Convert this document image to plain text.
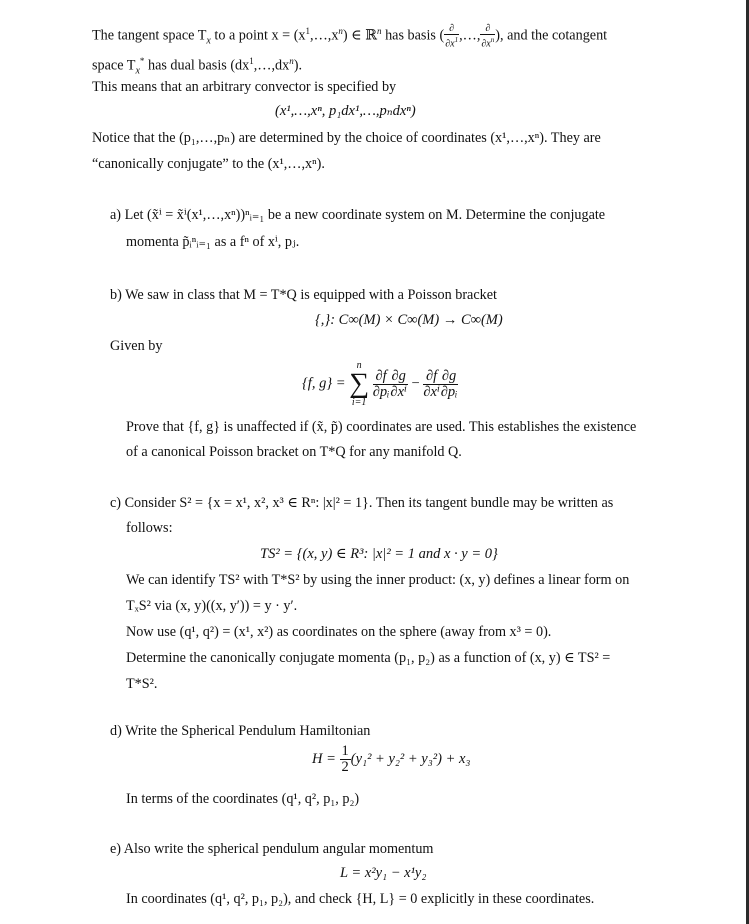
The tangent space $T_x$ to a point $x = (x^1,\dots,x^n)$ ∈ ℝ$^n$ has basis ( $\frac{\partial}{\partial x^1}$ ,…, $\frac{\partial}{\partial x^n}$ ), and the cotangent
space $T_x^*$ has dual basis $(dx^1,\dots,dx^n)$.
This means that an arbitrary convector is specified by
(x¹,…,xⁿ, p₁dx¹,…,pₙdxⁿ)
Notice that the (p₁,…,pₙ) are determined by the choice of coordinates (x¹,…,xⁿ). They are
“canonically conjugate” to the (x¹,…,xⁿ).
a) Let (x̃ⁱ = x̃ⁱ(x¹,…,xⁿ))ⁿᵢ₌₁ be a new coordinate system on M. Determine the conjugate
momenta p̃ᵢⁿᵢ₌₁ as a fⁿ of xⁱ, pⱼ.
b) We saw in class that M = T*Q is equipped with a Poisson bracket
{,}: C∞(M) × C∞(M) → C∞(M)
Given by
{f, g} =
n
∑
i=1

$\frac{\partial f}{\text{∂pᵢ}} \frac{\partial g}{\text{∂xⁱ}} - \frac{\partial f}{\text{∂xⁱ}} \frac{\partial g}{\text{∂pᵢ}}$
Prove that {f, g} is unaffected if (x̃, p̃) coordinates are used. This establishes the existence
of a canonical Poisson bracket on T*Q for any manifold Q.
c) Consider S² = {x = x¹, x², x³ ∈ Rⁿ: |x|² = 1}. Then its tangent bundle may be written as
follows:
TS² = {(x, y) ∈ R³: |x|² = 1 and x · y = 0}
We can identify TS² with T*S² by using the inner product: (x, y) defines a linear form on
TₓS² via (x, y)((x, y′)) = y · y′.
Now use (q¹, q²) = (x¹, x²) as coordinates on the sphere (away from x³ = 0).
Determine the canonically conjugate momenta (p₁, p₂) as a function of (x, y) ∈ TS² =
T*S².
d) Write the Spherical Pendulum Hamiltonian
$H = \frac{1}{2} (y_1^2 + y_2^2 + y_3^2) + x_3$
In terms of the coordinates (q¹, q², p₁, p₂)
e) Also write the spherical pendulum angular momentum
L = x²y₁ − x¹y₂
In coordinates (q¹, q², p₁, p₂), and check {H, L} = 0 explicitly in these coordinates.
